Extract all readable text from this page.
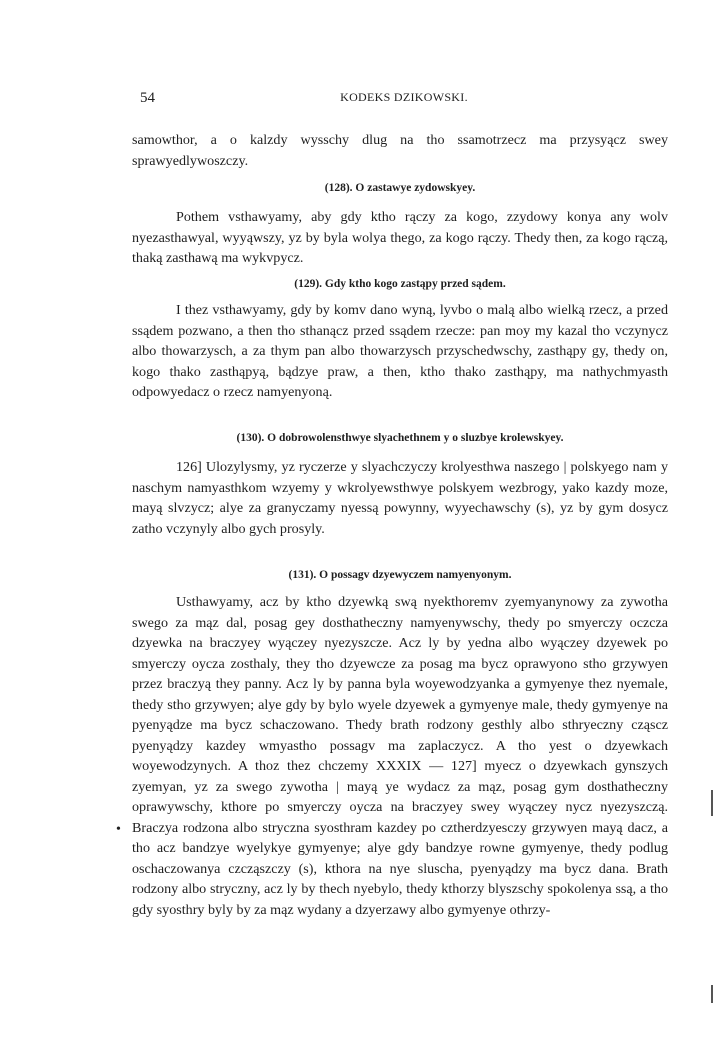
54	KODEKS DZIKOWSKI.

samowthor, a o kalzdy wysschy dlug na tho ssamotrzecz ma przysyącz swey sprawyedlywoszczy.

(128). O zastawye zydowskyey.

Pothem vsthawyamy, aby gdy ktho rączy za kogo, zzydowy konya any wolv nyezasthawyal, wyyąwszy, yz by byla wolya thego, za kogo rączy. Thedy then, za kogo rączą, thaką zasthawą ma wykvpycz.

(129). Gdy ktho kogo zastąpy przed sądem.

I thez vsthawyamy, gdy by komv dano wyną, lyvbo o malą albo wielką rzecz, a przed ssądem pozwano, a then tho sthanącz przed ssądem rzecze: pan moy my kazal tho vczynycz albo thowarzysch, a za thym pan albo thowarzysch przyschedwschy, zasthąpy gy, thedy on, kogo thako zasthąpyą, bądzye praw, a then, ktho thako zasthąpy, ma nathychmyasth odpowyedacz o rzecz namyenyoną.

(130). O dobrowolensthwye slyachethnem y o sluzbye krolewskyey.

126] Ulozylysmy, yz ryczerze y slyachczyczy krolyesthwa naszego | polskyego nam y naschym namyasthkom wzyemy y wkrolyewsthwye polskyem wezbrogy, yako kazdy moze, mayą slvzycz; alye za granyczamy nyessą powynny, wyyechawschy (s), yz by gym dosycz zatho vczynyly albo gych prosyly.

(131). O possagv dzyewyczem namyenyonym.

Usthawyamy, acz by ktho dzyewką swą nyekthoremv zyemyanynowy za zywotha swego za mąz dal, posag gey dosthatheczny namyenywschy, thedy po smyerczy oczcza dzyewka na braczyey wyączey nyezyszcze. Acz ly by yedna albo wyączey dzyewek po smyerczy oycza zosthaly, they tho dzyewcze za posag ma bycz oprawyono stho grzywyen przez braczyą they panny. Acz ly by panna byla woyewodzyanka a gymyenye thez nyemale, thedy stho grzywyen; alye gdy by bylo wyele dzyewek a gymyenye male, thedy gymyenye na pyenyądze ma bycz schaczowano. Thedy brath rodzony gesthly albo sthryeczny cząscz pyenyądzy kazdey wmyastho possagv ma zaplaczycz. A tho yest o dzyewkach woyewodzynych. A thoz thez chczemy XXXIX — 127] myecz o dzyewkach gynszych zyemyan, yz za swego zywotha | mayą ye wydacz za mąz, posag gym dosthatheczny oprawywschy, kthore po smyerczy oycza na braczyey swey wyączey nycz nyezyszczą. Braczya rodzona albo stryczna syosthram kazdey po cztherdzyesczy grzywyen mayą dacz, a tho acz bandzye wyelykye gymyenye; alye gdy bandzye rowne gymyenye, thedy podlug oschaczowanya czcząszczy (s), kthora na nye sluscha, pyenyądzy ma bycz dana. Brath rodzony albo stryczny, acz ly by thech nyebylo, thedy kthorzy blyszschy spokolenya ssą, a tho gdy syosthry byly by za mąz wydany a dzyerzawy albo gymyenye othrzy-

•
